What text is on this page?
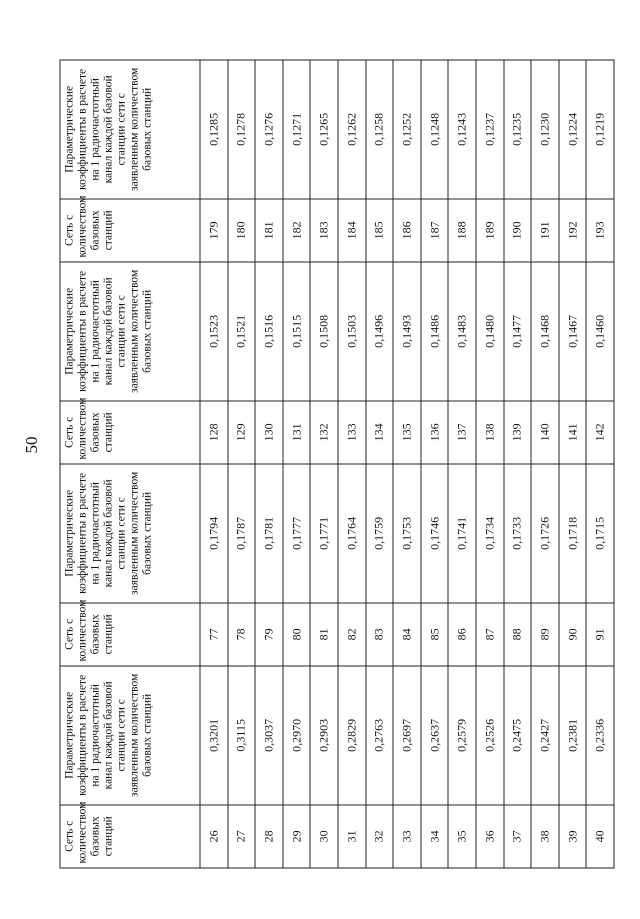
50
Сеть с количеством базовых станций	Параметрические коэффициенты в расчете на 1 радиочастотный канал каждой базовой станции сети с заявленным количеством базовых станций	Сеть с количеством базовых станций	Параметрические коэффициенты в расчете на 1 радиочастотный канал каждой базовой станции сети с заявленным количеством базовых станций	Сеть с количеством базовых станций	Параметрические коэффициенты в расчете на 1 радиочастотный канал каждой базовой станции сети с заявленным количеством базовых станций	Сеть с количеством базовых станций	Параметрические коэффициенты в расчете на 1 радиочастотный канал каждой базовой станции сети с заявленным количеством базовых станций
26	0,3201	77	0,1794	128	0,1523	179	0,1285
27	0,3115	78	0,1787	129	0,1521	180	0,1278
28	0,3037	79	0,1781	130	0,1516	181	0,1276
29	0,2970	80	0,1777	131	0,1515	182	0,1271
30	0,2903	81	0,1771	132	0,1508	183	0,1265
31	0,2829	82	0,1764	133	0,1503	184	0,1262
32	0,2763	83	0,1759	134	0,1496	185	0,1258
33	0,2697	84	0,1753	135	0,1493	186	0,1252
34	0,2637	85	0,1746	136	0,1486	187	0,1248
35	0,2579	86	0,1741	137	0,1483	188	0,1243
36	0,2526	87	0,1734	138	0,1480	189	0,1237
37	0,2475	88	0,1733	139	0,1477	190	0,1235
38	0,2427	89	0,1726	140	0,1468	191	0,1230
39	0,2381	90	0,1718	141	0,1467	192	0,1224
40	0,2336	91	0,1715	142	0,1460	193	0,1219
